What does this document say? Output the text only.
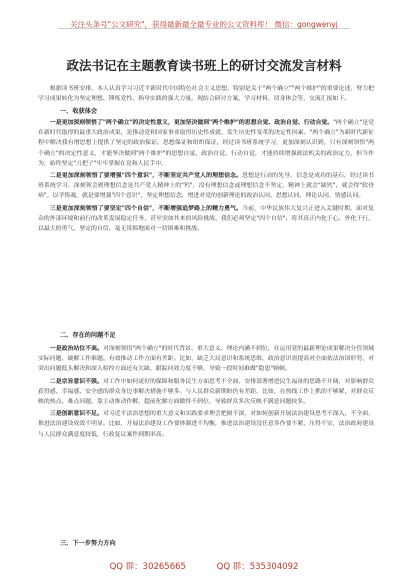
关注头条号"公文研究"，获得最新最全最专业的公文资料库！ 微信：gongwenyj
政法书记在主题教育读书班上的研讨交流发言材料

根据读书班安排，本人认真学习习近平新时代中国特色社会主义思想，特别是关于"两个确立""两个维护"的重要论述，努力把学习成果转化为坚定理想、锤炼党性、指导实践的强大力量。现结合研讨方案、学习材料、切身体会等，交流汇报如下。

一、收获体会

一是更加深刻领悟了"两个确立"的决定性意义，更加坚决做到"两个维护"的思想自觉、政治自觉、行动自觉。"两个确立"是党在新时代取得的最重大政治成果，是推动党和国家事业取得历史性成就、发生历史性变革的决定性因素。"两个确立"为新时代新征程中解决我有增思想上提供了坚定的政治保证。思想保证和组织保证，经过读书班系统学习，更加深刻认识到，只有深刻领悟"两个确立"的决定性意义，才能坚决做到"两个维护"的思想自觉、政治自觉、行动自觉，才能持续增强政法机关的政治定力，担当作为，始终坚定"刀把子"牢牢掌握在党和人民手中。

二是更加深刻领悟了要增强"四个意识"，不断坚定共产党人的理想信念。思想是行动的先导，信念是成功的基石。经过读书班系统学习，深刻领会到理想信念是共产党人精神上的"钙"，没有理想信念或理想信念不坚定，精神上就会"缺钙"，就会得"软骨病"。以学铸魂，就是要增强"四个意识"，坚定理想信念，增进对党的创新理论的政治认同、思想认同、理论认同、情感认同。

三是更加深刻领悟了要坚定"四个自信"，不断增强追梦路上的精力勇气。当前，中华民族伟大复兴正进入关键时期，面对复杂的外部环境和前行的改革发展稳定任务，甚至突如其来的风险挑战，我们必须坚定"四个自信"，将其真正内化于心、外化于行，以最大的勇气、坚定的自信，毫无畏惧地面对一切困难和挑战。

二、存在的问题不足

一是政治站位不高。对深刻领悟"两个确立"的时代背景、重大意义、理论内涵不到位，在运用党的最新理论成果解决分管领域实际问题、破解工作难题、有效推动工作方面有差距。比如，缺乏大局意识和系统思维，政治意识需提高对全面依法治国形势，对突出问题低头解决和深入检控方面还有欠缺，跟踪问效力度不够，导致一段时间难做"隐患"顿顿。

二是宗旨意识不强。对工作中如何更好的保障和服务民生方面思考不全面，安排部署增进民生福祉的思路不开阔，对影响群众获得感、幸福感、安全感的群众身边事解决措施不够多。与人民群众新期盼仍有差距，比如，在热线工作上抓的不够紧，对群众反映的热点、难点问题，靠主动推动作解，超前化解方面做得不到位，导致群众多次反映不满意问题较多。

三是创新意识不足。对习近平法治思想的重大意义和实践要求理会把握不深，对如何创新开展法治建设思考不深入，不全面，推进法治建设成效不明显。比如，开展法治建设工作要体制进不均衡，推进法治建设没任意多作要不紧、压得不实，法治政府建设与人民群众满意度较低，行政复议案件到期率高。

三、下一步努力方向
QQ 群：30265665	QQ 群：535304092
